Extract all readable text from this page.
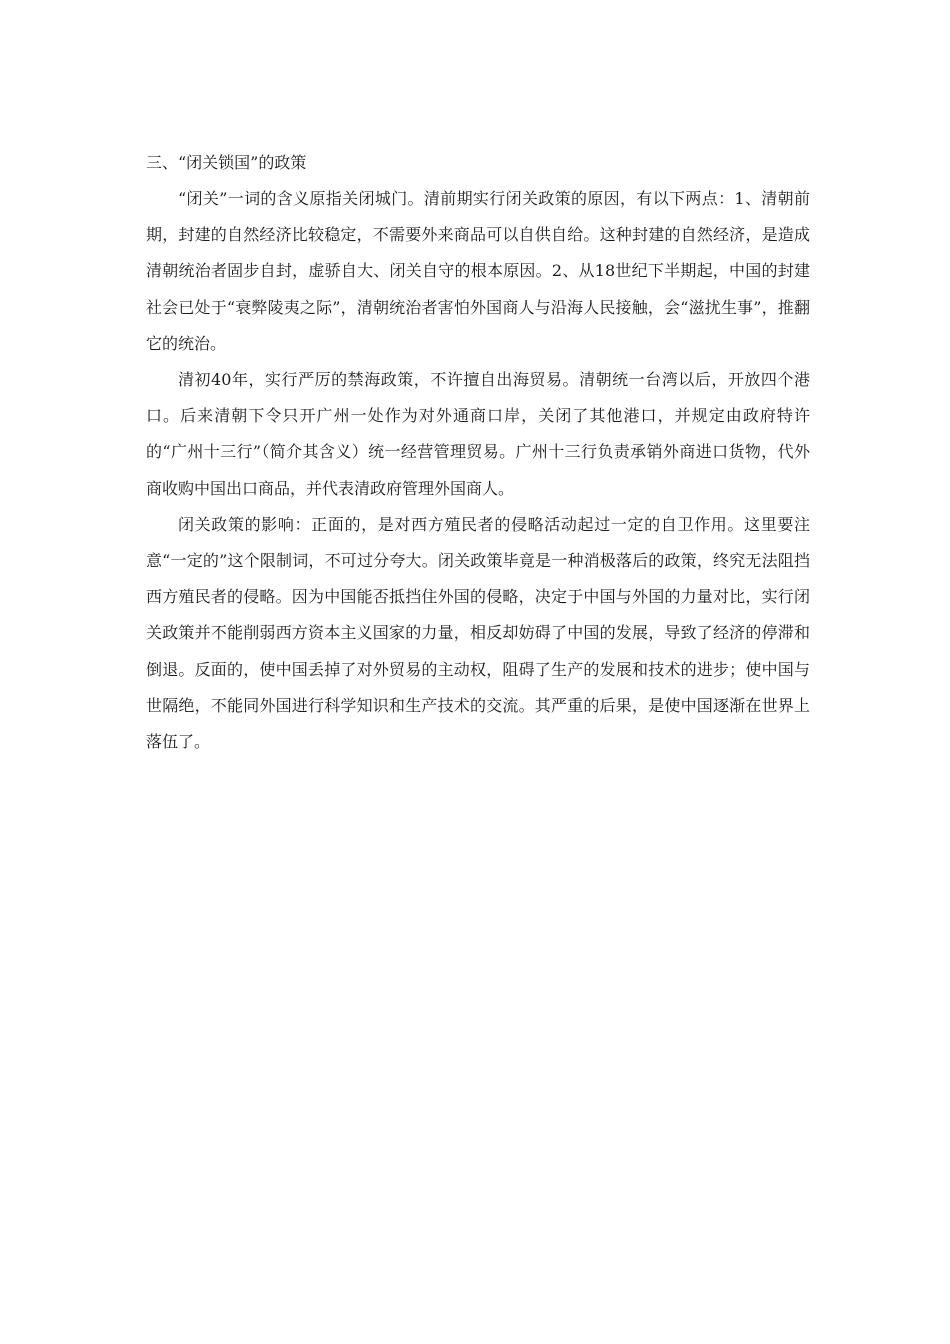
三、“闭关锁国”的政策

“闭关”一词的含义原指关闭城门。清前期实行闭关政策的原因，有以下两点：1、清朝前期，封建的自然经济比较稳定，不需要外来商品可以自供自给。这种封建的自然经济，是造成清朝统治者固步自封，虚骄自大、闭关自守的根本原因。2、从18世纪下半期起，中国的封建社会已处于“衰弊陵夷之际”，清朝统治者害怕外国商人与沿海人民接触，会“滋扰生事”，推翻它的统治。

清初40年，实行严厉的禁海政策，不许擅自出海贸易。清朝统一台湾以后，开放四个港口。后来清朝下令只开广州一处作为对外通商口岸，关闭了其他港口，并规定由政府特许的“广州十三行”（简介其含义）统一经营管理贸易。广州十三行负责承销外商进口货物，代外商收购中国出口商品，并代表清政府管理外国商人。

闭关政策的影响：正面的，是对西方殖民者的侵略活动起过一定的自卫作用。这里要注意“一定的”这个限制词，不可过分夸大。闭关政策毕竟是一种消极落后的政策，终究无法阻挡西方殖民者的侵略。因为中国能否抵挡住外国的侵略，决定于中国与外国的力量对比，实行闭关政策并不能削弱西方资本主义国家的力量，相反却妨碍了中国的发展，导致了经济的停滞和倒退。反面的，使中国丢掉了对外贸易的主动权，阻碍了生产的发展和技术的进步；使中国与世隔绝，不能同外国进行科学知识和生产技术的交流。其严重的后果，是使中国逐渐在世界上落伍了。
